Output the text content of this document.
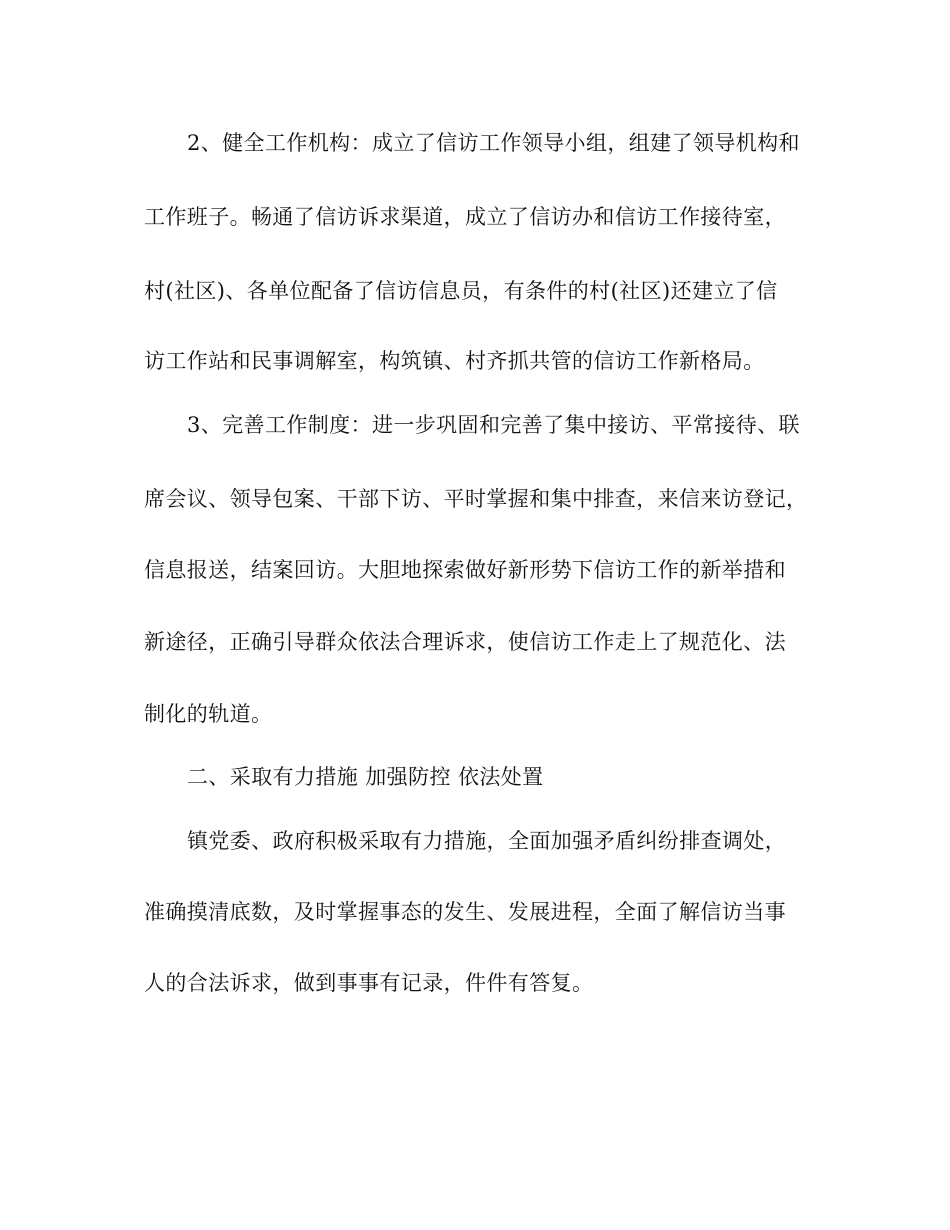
2、健全工作机构：成立了信访工作领导小组，组建了领导机构和
工作班子。畅通了信访诉求渠道，成立了信访办和信访工作接待室，
村(社区)、各单位配备了信访信息员，有条件的村(社区)还建立了信
访工作站和民事调解室，构筑镇、村齐抓共管的信访工作新格局。
3、完善工作制度：进一步巩固和完善了集中接访、平常接待、联
席会议、领导包案、干部下访、平时掌握和集中排查，来信来访登记，
信息报送，结案回访。大胆地探索做好新形势下信访工作的新举措和
新途径，正确引导群众依法合理诉求，使信访工作走上了规范化、法
制化的轨道。
二、采取有力措施 加强防控 依法处置
镇党委、政府积极采取有力措施，全面加强矛盾纠纷排查调处，
准确摸清底数，及时掌握事态的发生、发展进程，全面了解信访当事
人的合法诉求，做到事事有记录，件件有答复。
